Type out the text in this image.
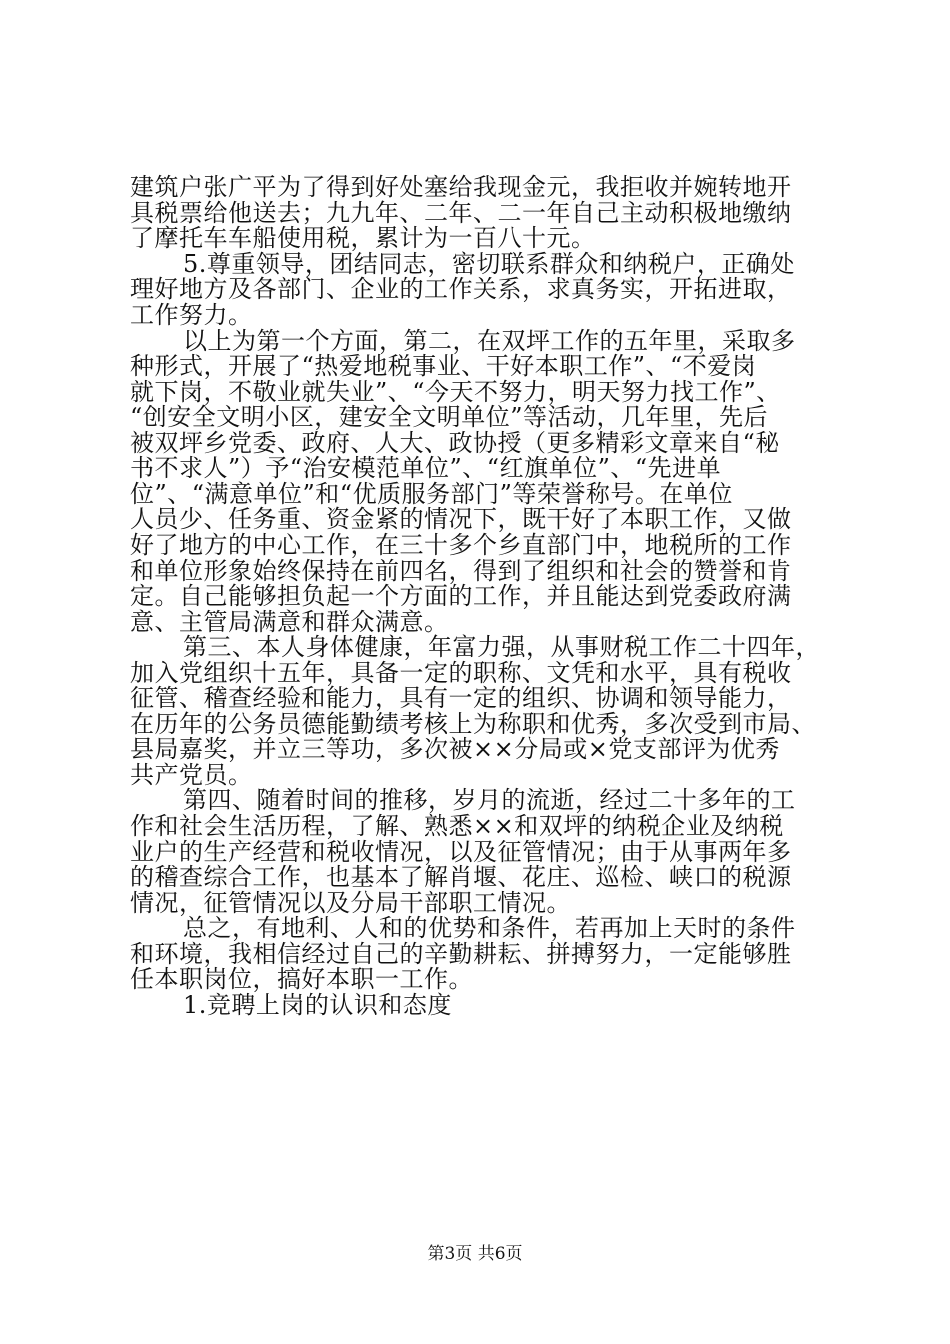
建筑户张广平为了得到好处塞给我现金元，我拒收并婉转地开
具税票给他送去；九九年、二年、二一年自己主动积极地缴纳
了摩托车车船使用税，累计为一百八十元。
5.尊重领导，团结同志，密切联系群众和纳税户，正确处
理好地方及各部门、企业的工作关系，求真务实，开拓进取，
工作努力。
以上为第一个方面，第二，在双坪工作的五年里，采取多
种形式，开展了“热爱地税事业、干好本职工作”、“不爱岗
就下岗，不敬业就失业”、“今天不努力，明天努力找工作”、
“创安全文明小区，建安全文明单位”等活动，几年里，先后
被双坪乡党委、政府、人大、政协授（更多精彩文章来自“秘
书不求人”）予“治安模范单位”、“红旗单位”、“先进单
位”、“满意单位”和“优质服务部门”等荣誉称号。在单位
人员少、任务重、资金紧的情况下，既干好了本职工作，又做
好了地方的中心工作，在三十多个乡直部门中，地税所的工作
和单位形象始终保持在前四名，得到了组织和社会的赞誉和肯
定。自己能够担负起一个方面的工作，并且能达到党委政府满
意、主管局满意和群众满意。
第三、本人身体健康，年富力强，从事财税工作二十四年，
加入党组织十五年，具备一定的职称、文凭和水平，具有税收
征管、稽查经验和能力，具有一定的组织、协调和领导能力，
在历年的公务员德能勤绩考核上为称职和优秀，多次受到市局、
县局嘉奖，并立三等功，多次被××分局或×党支部评为优秀
共产党员。
第四、随着时间的推移，岁月的流逝，经过二十多年的工
作和社会生活历程，了解、熟悉××和双坪的纳税企业及纳税
业户的生产经营和税收情况，以及征管情况；由于从事两年多
的稽查综合工作，也基本了解肖堰、花庄、巡检、峡口的税源
情况，征管情况以及分局干部职工情况。
总之，有地利、人和的优势和条件，若再加上天时的条件
和环境，我相信经过自己的辛勤耕耘、拼搏努力，一定能够胜
任本职岗位，搞好本职一工作。
1.竞聘上岗的认识和态度
第3页 共6页
